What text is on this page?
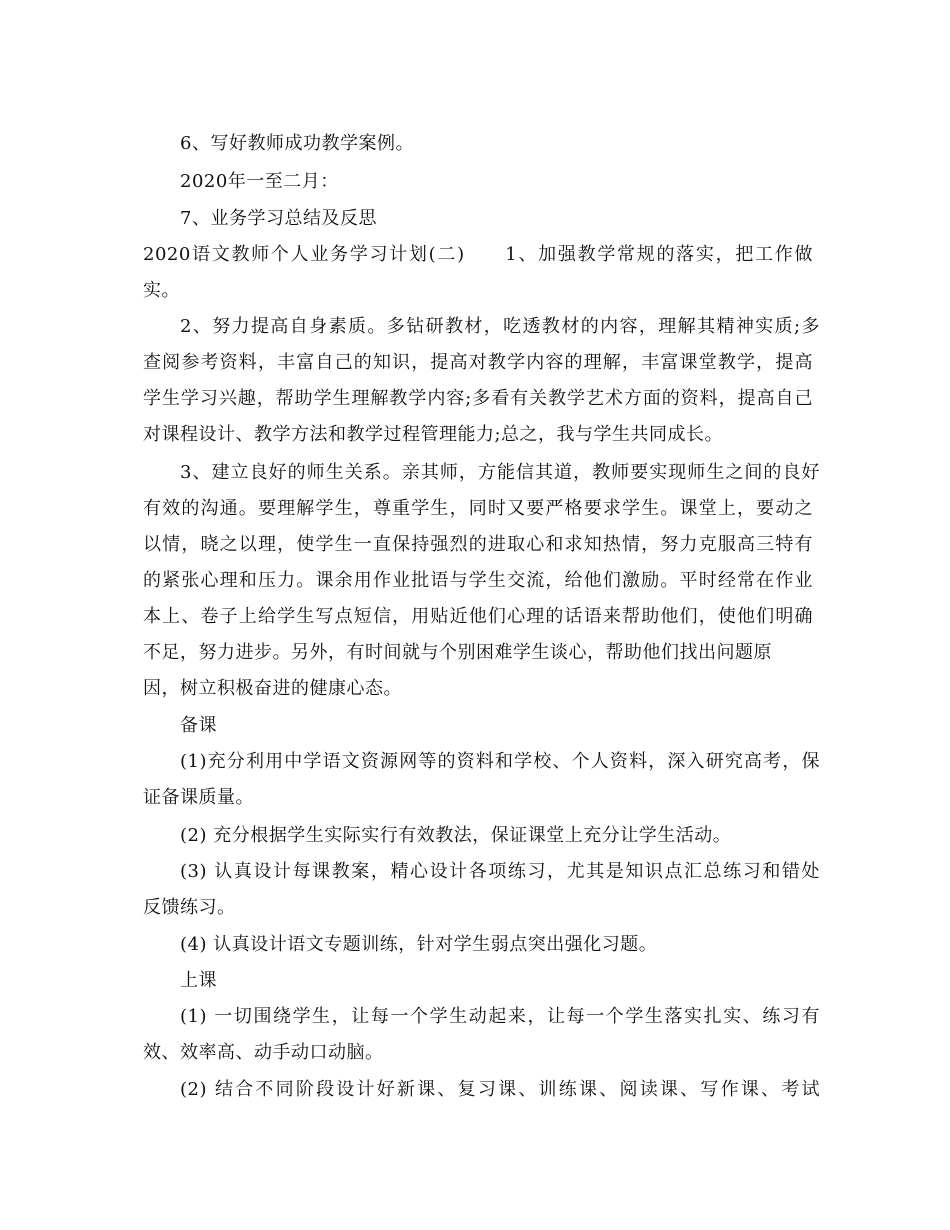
6、写好教师成功教学案例。
2020年一至二月：
7、业务学习总结及反思
2020语文教师个人业务学习计划(二)　　1、加强教学常规的落实，把工作做
实。
2、努力提高自身素质。多钻研教材，吃透教材的内容，理解其精神实质;多
查阅参考资料，丰富自己的知识，提高对教学内容的理解，丰富课堂教学，提高
学生学习兴趣，帮助学生理解教学内容;多看有关教学艺术方面的资料，提高自己
对课程设计、教学方法和教学过程管理能力;总之，我与学生共同成长。
3、建立良好的师生关系。亲其师，方能信其道，教师要实现师生之间的良好
有效的沟通。要理解学生，尊重学生，同时又要严格要求学生。课堂上，要动之
以情，晓之以理，使学生一直保持强烈的进取心和求知热情，努力克服高三特有
的紧张心理和压力。课余用作业批语与学生交流，给他们激励。平时经常在作业
本上、卷子上给学生写点短信，用贴近他们心理的话语来帮助他们，使他们明确
不足，努力进步。另外，有时间就与个别困难学生谈心，帮助他们找出问题原
因，树立积极奋进的健康心态。
备课
(1)充分利用中学语文资源网等的资料和学校、个人资料，深入研究高考，保
证备课质量。
(2) 充分根据学生实际实行有效教法，保证课堂上充分让学生活动。
(3) 认真设计每课教案，精心设计各项练习，尤其是知识点汇总练习和错处
反馈练习。
(4) 认真设计语文专题训练，针对学生弱点突出强化习题。
上课
(1) 一切围绕学生，让每一个学生动起来，让每一个学生落实扎实、练习有
效、效率高、动手动口动脑。
(2) 结合不同阶段设计好新课、复习课、训练课、阅读课、写作课、考试
